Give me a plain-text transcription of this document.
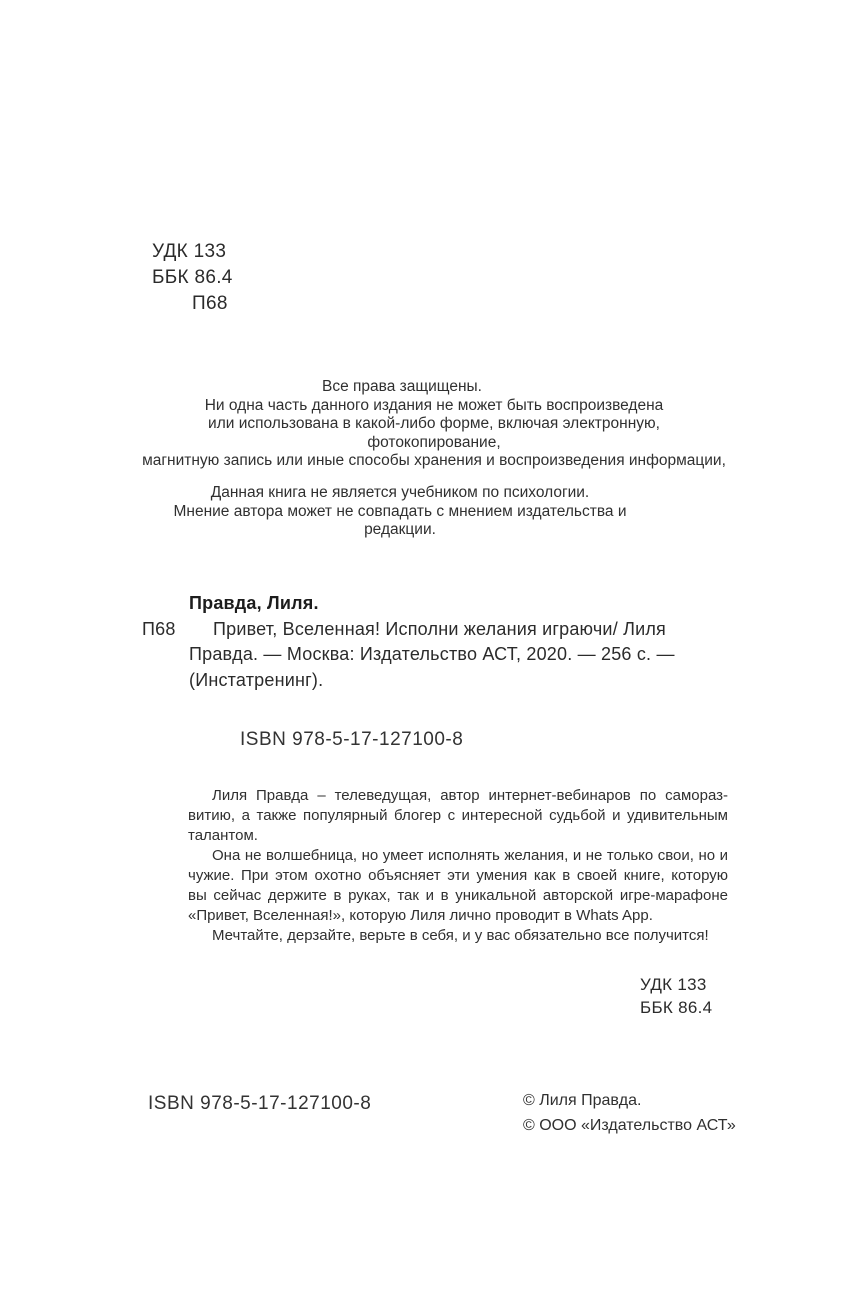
УДК 133
ББК 86.4
П68
Все права защищены.
Ни одна часть данного издания не может быть воспроизведена
или использована в какой-либо форме, включая электронную, фотокопирование,
магнитную запись или иные способы хранения и воспроизведения информации,
Данная книга не является учебником по психологии.
Мнение автора может не совпадать с мнением издательства и редакции.
Правда, Лиля.
П68 Привет, Вселенная! Исполни желания играючи/ Лиля
Правда. — Москва: Издательство АСТ, 2020. — 256 с. —
(Инстатренинг).
ISBN 978-5-17-127100-8
Лиля Правда – телеведущая, автор интернет-вебинаров по самораз-
витию, а также популярный блогер с интересной судьбой и удивительным
талантом.
Она не волшебница, но умеет исполнять желания, и не только свои, но и
чужие. При этом охотно объясняет эти умения как в своей книге, которую
вы сейчас держите в руках, так и в уникальной авторской игре-марафоне
«Привет, Вселенная!», которую Лиля лично проводит в Whats App.
Мечтайте, дерзайте, верьте в себя, и у вас обязательно все получится!
УДК 133
ББК 86.4
ISBN 978-5-17-127100-8	© Лиля Правда.
© ООО «Издательство АСТ»
